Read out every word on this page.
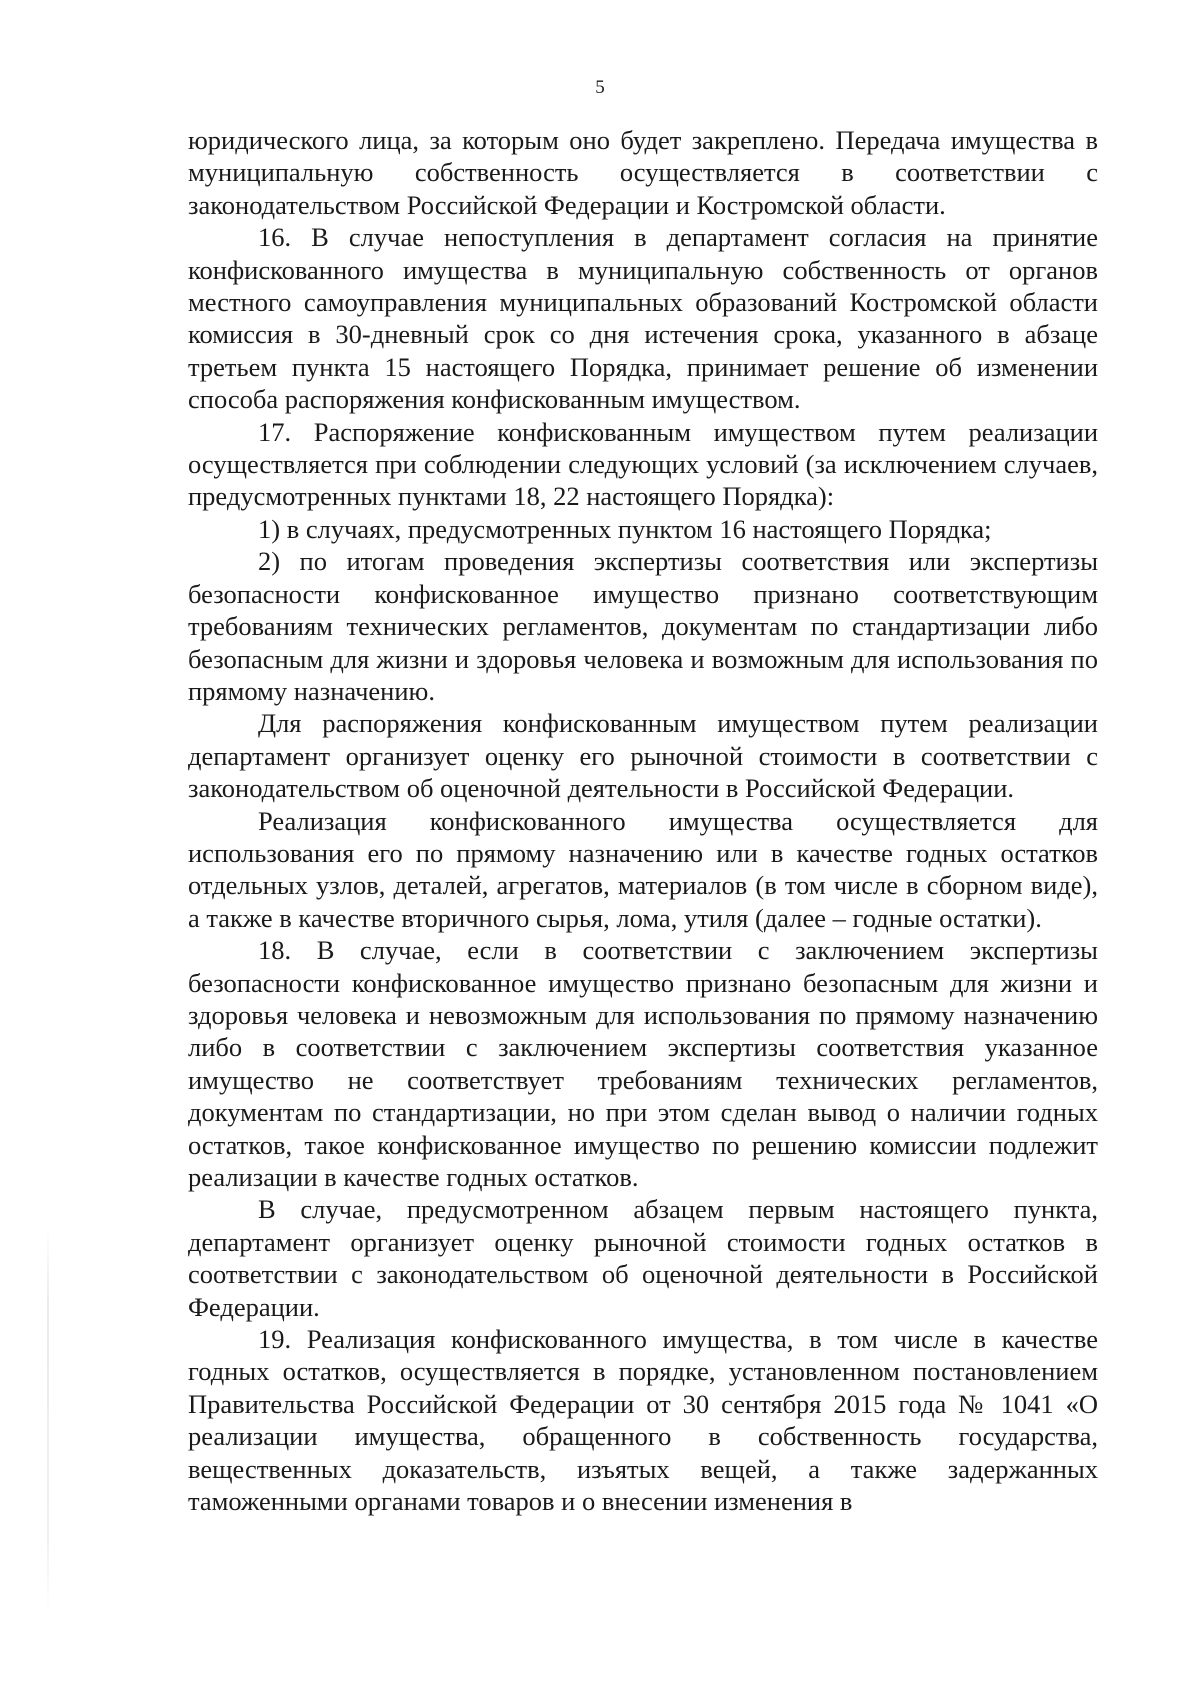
5

юридического лица, за которым оно будет закреплено. Передача имущества в муниципальную собственность осуществляется в соответствии с законодательством Российской Федерации и Костромской области.

16. В случае непоступления в департамент согласия на принятие конфискованного имущества в муниципальную собственность от органов местного самоуправления муниципальных образований Костромской области комиссия в 30-дневный срок со дня истечения срока, указанного в абзаце третьем пункта 15 настоящего Порядка, принимает решение об изменении способа распоряжения конфискованным имуществом.

17. Распоряжение конфискованным имуществом путем реализации осуществляется при соблюдении следующих условий (за исключением случаев, предусмотренных пунктами 18, 22 настоящего Порядка):

1) в случаях, предусмотренных пунктом 16 настоящего Порядка;

2) по итогам проведения экспертизы соответствия или экспертизы безопасности конфискованное имущество признано соответствующим требованиям технических регламентов, документам по стандартизации либо безопасным для жизни и здоровья человека и возможным для использования по прямому назначению.

Для распоряжения конфискованным имуществом путем реализации департамент организует оценку его рыночной стоимости в соответствии с законодательством об оценочной деятельности в Российской Федерации.

Реализация конфискованного имущества осуществляется для использования его по прямому назначению или в качестве годных остатков отдельных узлов, деталей, агрегатов, материалов (в том числе в сборном виде), а также в качестве вторичного сырья, лома, утиля (далее – годные остатки).

18. В случае, если в соответствии с заключением экспертизы безопасности конфискованное имущество признано безопасным для жизни и здоровья человека и невозможным для использования по прямому назначению либо в соответствии с заключением экспертизы соответствия указанное имущество не соответствует требованиям технических регламентов, документам по стандартизации, но при этом сделан вывод о наличии годных остатков, такое конфискованное имущество по решению комиссии подлежит реализации в качестве годных остатков.

В случае, предусмотренном абзацем первым настоящего пункта, департамент организует оценку рыночной стоимости годных остатков в соответствии с законодательством об оценочной деятельности в Российской Федерации.

19. Реализация конфискованного имущества, в том числе в качестве годных остатков, осуществляется в порядке, установленном постановлением Правительства Российской Федерации от 30 сентября 2015 года № 1041 «О реализации имущества, обращенного в собственность государства, вещественных доказательств, изъятых вещей, а также задержанных таможенными органами товаров и о внесении изменения в
